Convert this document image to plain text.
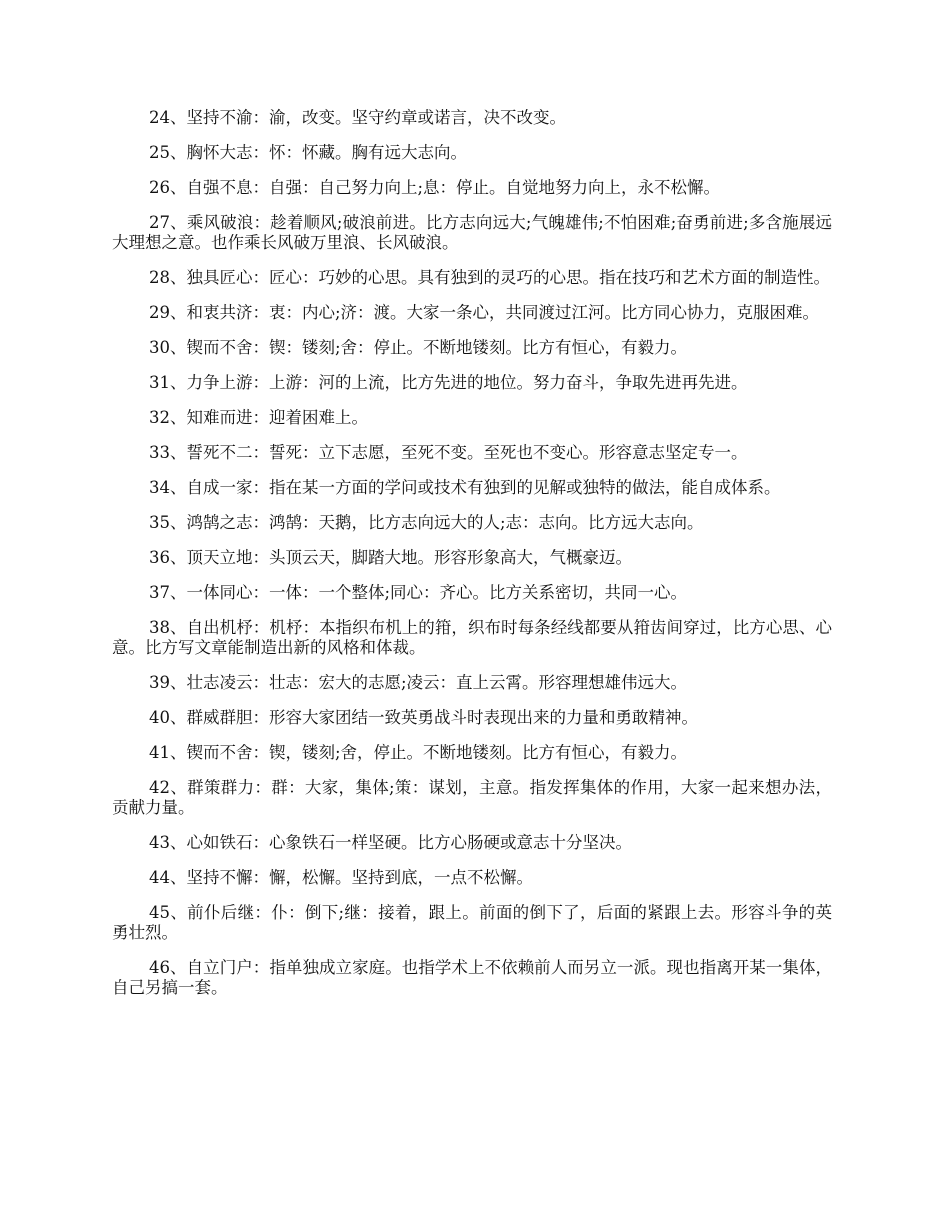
24、坚持不渝：渝，改变。坚守约章或诺言，决不改变。

25、胸怀大志：怀：怀藏。胸有远大志向。

26、自强不息：自强：自己努力向上;息：停止。自觉地努力向上，永不松懈。

27、乘风破浪：趁着顺风;破浪前进。比方志向远大;气魄雄伟;不怕困难;奋勇前进;多含施展远大理想之意。也作乘长风破万里浪、长风破浪。

28、独具匠心：匠心：巧妙的心思。具有独到的灵巧的心思。指在技巧和艺术方面的制造性。

29、和衷共济：衷：内心;济：渡。大家一条心，共同渡过江河。比方同心协力，克服困难。

30、锲而不舍：锲：镂刻;舍：停止。不断地镂刻。比方有恒心，有毅力。

31、力争上游：上游：河的上流，比方先进的地位。努力奋斗，争取先进再先进。

32、知难而进：迎着困难上。

33、誓死不二：誓死：立下志愿，至死不变。至死也不变心。形容意志坚定专一。

34、自成一家：指在某一方面的学问或技术有独到的见解或独特的做法，能自成体系。

35、鸿鹄之志：鸿鹄：天鹅，比方志向远大的人;志：志向。比方远大志向。

36、顶天立地：头顶云天，脚踏大地。形容形象高大，气概豪迈。

37、一体同心：一体：一个整体;同心：齐心。比方关系密切，共同一心。

38、自出机杼：机杼：本指织布机上的箝，织布时每条经线都要从箝齿间穿过，比方心思、心意。比方写文章能制造出新的风格和体裁。

39、壮志凌云：壮志：宏大的志愿;凌云：直上云霄。形容理想雄伟远大。

40、群威群胆：形容大家团结一致英勇战斗时表现出来的力量和勇敢精神。

41、锲而不舍：锲，镂刻;舍，停止。不断地镂刻。比方有恒心，有毅力。

42、群策群力：群：大家，集体;策：谋划，主意。指发挥集体的作用，大家一起来想办法，贡献力量。

43、心如铁石：心象铁石一样坚硬。比方心肠硬或意志十分坚决。

44、坚持不懈：懈，松懈。坚持到底，一点不松懈。

45、前仆后继：仆：倒下;继：接着，跟上。前面的倒下了，后面的紧跟上去。形容斗争的英勇壮烈。

46、自立门户：指单独成立家庭。也指学术上不依赖前人而另立一派。现也指离开某一集体，自己另搞一套。
